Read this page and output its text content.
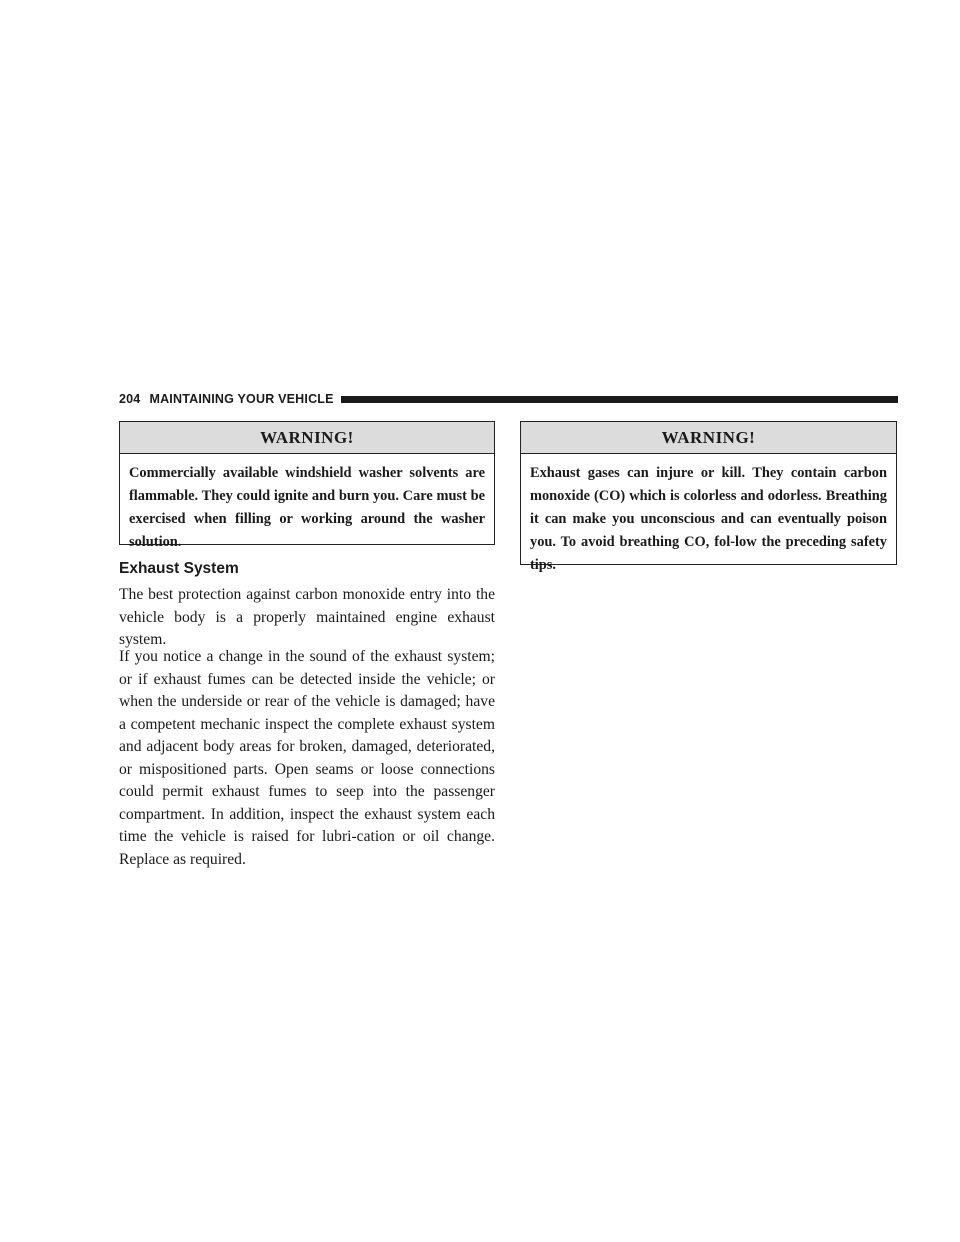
204 MAINTAINING YOUR VEHICLE
WARNING!
Commercially available windshield washer solvents are flammable. They could ignite and burn you. Care must be exercised when filling or working around the washer solution.
Exhaust System

The best protection against carbon monoxide entry into the vehicle body is a properly maintained engine exhaust system.

If you notice a change in the sound of the exhaust system; or if exhaust fumes can be detected inside the vehicle; or when the underside or rear of the vehicle is damaged; have a competent mechanic inspect the complete exhaust system and adjacent body areas for broken, damaged, deteriorated, or mispositioned parts. Open seams or loose connections could permit exhaust fumes to seep into the passenger compartment. In addition, inspect the exhaust system each time the vehicle is raised for lubri-cation or oil change. Replace as required.

WARNING!
Exhaust gases can injure or kill. They contain carbon monoxide (CO) which is colorless and odorless. Breathing it can make you unconscious and can eventually poison you. To avoid breathing CO, fol-low the preceding safety tips.
